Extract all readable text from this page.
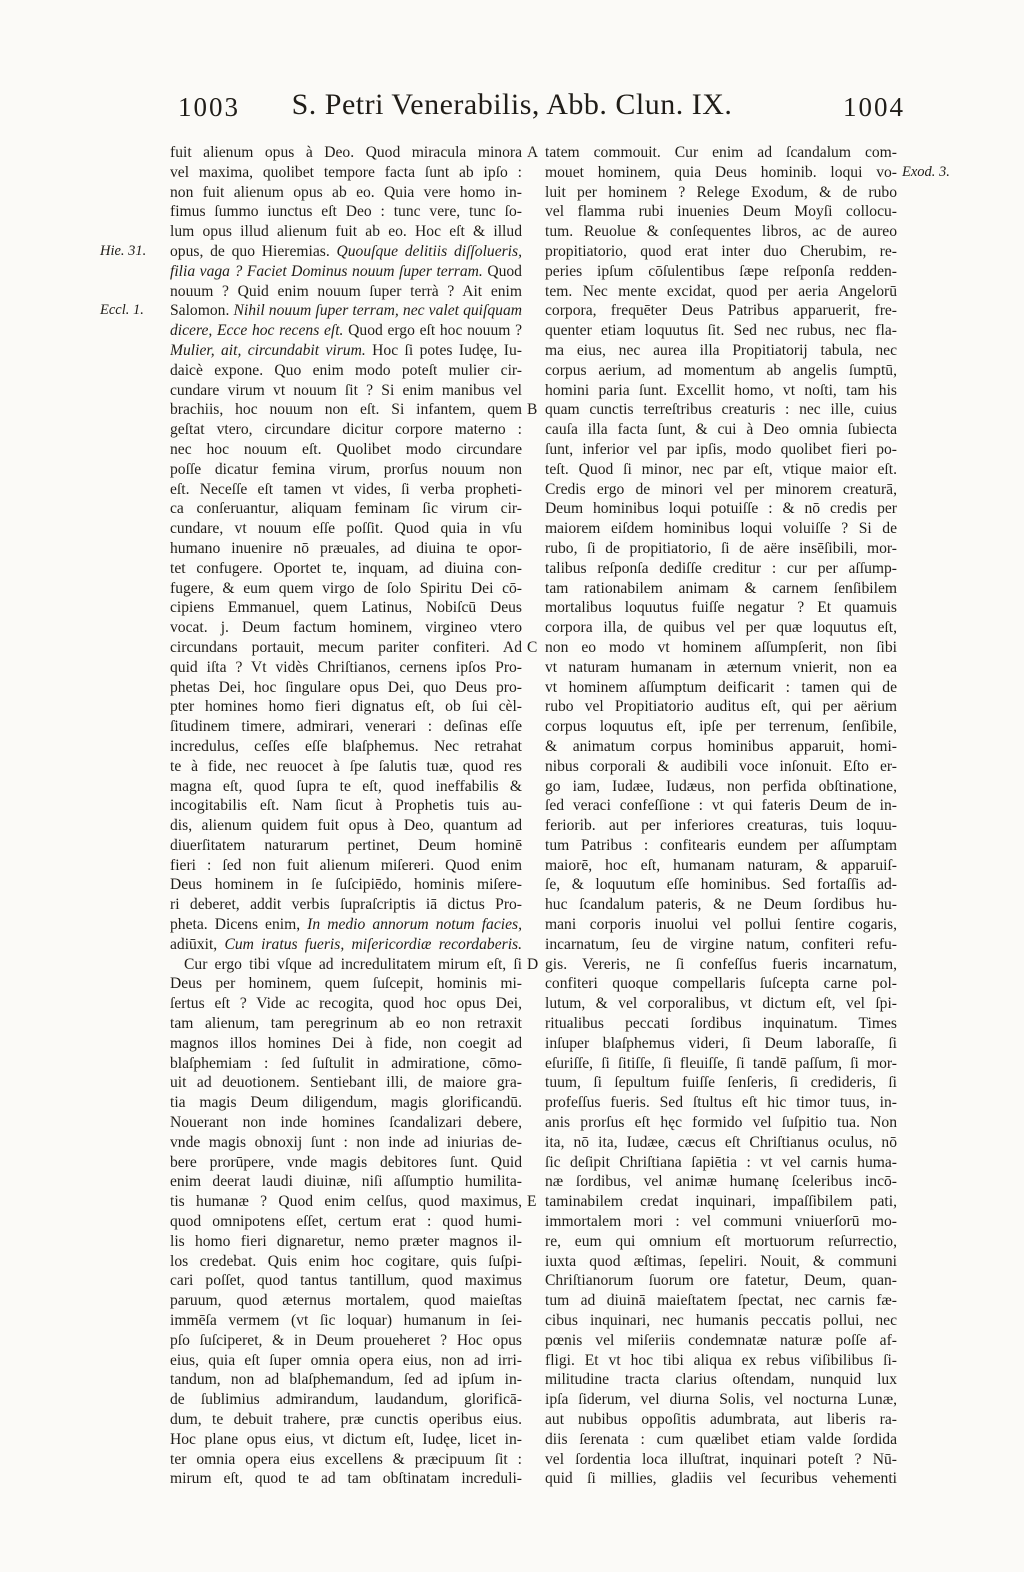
1003	S. Petri Venerabilis, Abb. Clun. IX.	1004
fuit alienum opus à Deo. Quod miracula minora
vel maxima, quolibet tempore facta ſunt ab ipſo :
non fuit alienum opus ab eo. Quia vere homo in-
fimus ſummo iunctus eſt Deo : tunc vere, tunc ſo-
lum opus illud alienum fuit ab eo. Hoc eſt & illud
opus, de quo Hieremias. Quouſque delitiis diſſolueris,
filia vaga ? Faciet Dominus nouum ſuper terram. Quod
nouum ? Quid enim nouum ſuper terrà ? Ait enim
Salomon. Nihil nouum ſuper terram, nec valet quiſquam
dicere, Ecce hoc recens eſt. Quod ergo eſt hoc nouum ?
Mulier, ait, circundabit virum. Hoc ſi potes Iudęe, Iu-
daicè expone. Quo enim modo poteſt mulier cir-
cundare virum vt nouum ſit ? Si enim manibus vel
brachiis, hoc nouum non eſt. Si infantem, quem
geſtat vtero, circundare dicitur corpore materno :
nec hoc nouum eſt. Quolibet modo circundare
poſſe dicatur femina virum, prorſus nouum non
eſt. Neceſſe eſt tamen vt vides, ſi verba propheti-
ca conſeruantur, aliquam feminam ſic virum cir-
cundare, vt nouum eſſe poſſit. Quod quia in vſu
humano inuenire nō præuales, ad diuina te opor-
tet confugere. Oportet te, inquam, ad diuina con-
fugere, & eum quem virgo de ſolo Spiritu Dei cō-
cipiens Emmanuel, quem Latinus, Nobiſcū Deus
vocat. j. Deum factum hominem, virgineo vtero
circundans portauit, mecum pariter confiteri. Ad
quid iſta ? Vt vidès Chriſtianos, cernens ipſos Pro-
phetas Dei, hoc ſingulare opus Dei, quo Deus pro-
pter homines homo fieri dignatus eſt, ob ſui cèl-
ſitudinem timere, admirari, venerari : deſinas eſſe
incredulus, ceſſes eſſe blaſphemus. Nec retrahat
te à fide, nec reuocet à ſpe ſalutis tuæ, quod res
magna eſt, quod ſupra te eſt, quod ineffabilis &
incogitabilis eſt. Nam ſicut à Prophetis tuis au-
dis, alienum quidem fuit opus à Deo, quantum ad
diuerſitatem naturarum pertinet, Deum hominē
fieri : ſed non fuit alienum miſereri. Quod enim
Deus hominem in ſe ſuſcipiēdo, hominis miſere-
ri deberet, addit verbis ſupraſcriptis iā dictus Pro-
pheta. Dicens enim, In medio annorum notum facies,
adiūxit, Cum iratus fueris, miſericordiæ recordaberis.
Cur ergo tibi vſque ad incredulitatem mirum eſt, ſi
Deus per hominem, quem ſuſcepit, hominis mi-
ſertus eſt ? Vide ac recogita, quod hoc opus Dei,
tam alienum, tam peregrinum ab eo non retraxit
magnos illos homines Dei à fide, non coegit ad
blaſphemiam : ſed ſuſtulit in admiratione, cōmo-
uit ad deuotionem. Sentiebant illi, de maiore gra-
tia magis Deum diligendum, magis glorificandū.
Nouerant non inde homines ſcandalizari debere,
vnde magis obnoxij ſunt : non inde ad iniurias de-
bere prorūpere, vnde magis debitores ſunt. Quid
enim deerat laudi diuinæ, niſi aſſumptio humilita-
tis humanæ ? Quod enim celſus, quod maximus,
quod omnipotens eſſet, certum erat : quod humi-
lis homo fieri dignaretur, nemo præter magnos il-
los credebat. Quis enim hoc cogitare, quis ſuſpi-
cari poſſet, quod tantus tantillum, quod maximus
paruum, quod æternus mortalem, quod maieſtas
immēſa vermem (vt ſic loquar) humanum in ſei-
pſo ſuſciperet, & in Deum proueheret ? Hoc opus
eius, quia eſt ſuper omnia opera eius, non ad irri-
tandum, non ad blaſphemandum, ſed ad ipſum in-
de ſublimius admirandum, laudandum, glorificā-
dum, te debuit trahere, præ cunctis operibus eius.
Hoc plane opus eius, vt dictum eſt, Iudęe, licet in-
ter omnia opera eius excellens & præcipuum ſit :
mirum eſt, quod te ad tam obſtinatam increduli-
tatem commouit. Cur enim ad ſcandalum com-
mouet hominem, quia Deus hominib. loqui vo-
luit per hominem ? Relege Exodum, & de rubo
vel flamma rubi inuenies Deum Moyſi collocu-
tum. Reuolue & conſequentes libros, ac de aureo
propitiatorio, quod erat inter duo Cherubim, re-
peries ipſum cōſulentibus ſæpe reſponſa redden-
tem. Nec mente excidat, quod per aeria Angelorū
corpora, frequēter Deus Patribus apparuerit, fre-
quenter etiam loquutus ſit. Sed nec rubus, nec fla-
ma eius, nec aurea illa Propitiatorij tabula, nec
corpus aerium, ad momentum ab angelis ſumptū,
homini paria ſunt. Excellit homo, vt noſti, tam his
quam cunctis terreſtribus creaturis : nec ille, cuius
cauſa illa facta ſunt, & cui à Deo omnia ſubiecta
ſunt, inferior vel par ipſis, modo quolibet fieri po-
teſt. Quod ſi minor, nec par eſt, vtique maior eſt.
Credis ergo de minori vel per minorem creaturā,
Deum hominibus loqui potuiſſe : & nō credis per
maiorem eiſdem hominibus loqui voluiſſe ? Si de
rubo, ſi de propitiatorio, ſi de aëre insēſibili, mor-
talibus reſponſa dediſſe creditur : cur per aſſump-
tam rationabilem animam & carnem ſenſibilem
mortalibus loquutus fuiſſe negatur ? Et quamuis
corpora illa, de quibus vel per quæ loquutus eſt,
non eo modo vt hominem aſſumpſerit, non ſibi
vt naturam humanam in æternum vnierit, non ea
vt hominem aſſumptum deificarit : tamen qui de
rubo vel Propitiatorio auditus eſt, qui per aërium
corpus loquutus eſt, ipſe per terrenum, ſenſibile,
& animatum corpus hominibus apparuit, homi-
nibus corporali & audibili voce inſonuit. Eſto er-
go iam, Iudæe, Iudæus, non perfida obſtinatione,
ſed veraci confeſſione : vt qui fateris Deum de in-
feriorib. aut per inferiores creaturas, tuis loquu-
tum Patribus : confitearis eundem per aſſumptam
maiorē, hoc eſt, humanam naturam, & apparuiſ-
ſe, & loquutum eſſe hominibus. Sed fortaſſis ad-
huc ſcandalum pateris, & ne Deum ſordibus hu-
mani corporis inuolui vel pollui ſentire cogaris,
incarnatum, ſeu de virgine natum, confiteri refu-
gis. Vereris, ne ſi confeſſus fueris incarnatum,
confiteri quoque compellaris ſuſcepta carne pol-
lutum, & vel corporalibus, vt dictum eſt, vel ſpi-
ritualibus peccati ſordibus inquinatum. Times
inſuper blaſphemus videri, ſi Deum laboraſſe, ſi
eſuriſſe, ſi ſitiſſe, ſi fleuiſſe, ſi tandē paſſum, ſi mor-
tuum, ſi ſepultum fuiſſe ſenſeris, ſi credideris, ſi
profeſſus fueris. Sed ſtultus eſt hic timor tuus, in-
anis prorſus eſt hęc formido vel ſuſpitio tua. Non
ita, nō ita, Iudæe, cæcus eſt Chriſtianus oculus, nō
ſic deſipit Chriſtiana ſapiētia : vt vel carnis huma-
næ ſordibus, vel animæ humanę ſceleribus incō-
taminabilem credat inquinari, impaſſibilem pati,
immortalem mori : vel communi vniuerſorū mo-
re, eum qui omnium eſt mortuorum reſurrectio,
iuxta quod æſtimas, ſepeliri. Nouit, & communi
Chriſtianorum ſuorum ore fatetur, Deum, quan-
tum ad diuinā maieſtatem ſpectat, nec carnis fæ-
cibus inquinari, nec humanis peccatis pollui, nec
pœnis vel miſeriis condemnatæ naturæ poſſe af-
fligi. Et vt hoc tibi aliqua ex rebus viſibilibus ſi-
militudine tracta clarius oſtendam, nunquid lux
ipſa ſiderum, vel diurna Solis, vel nocturna Lunæ,
aut nubibus oppoſitis adumbrata, aut liberis ra-
diis ſerenata : cum quælibet etiam valde ſordida
vel ſordentia loca illuſtrat, inquinari poteſt ? Nū-
quid ſi millies, gladiis vel ſecuribus vehementi
Hie. 31.
Eccl. 1.
Exod. 3.
A
B
C
D
E
